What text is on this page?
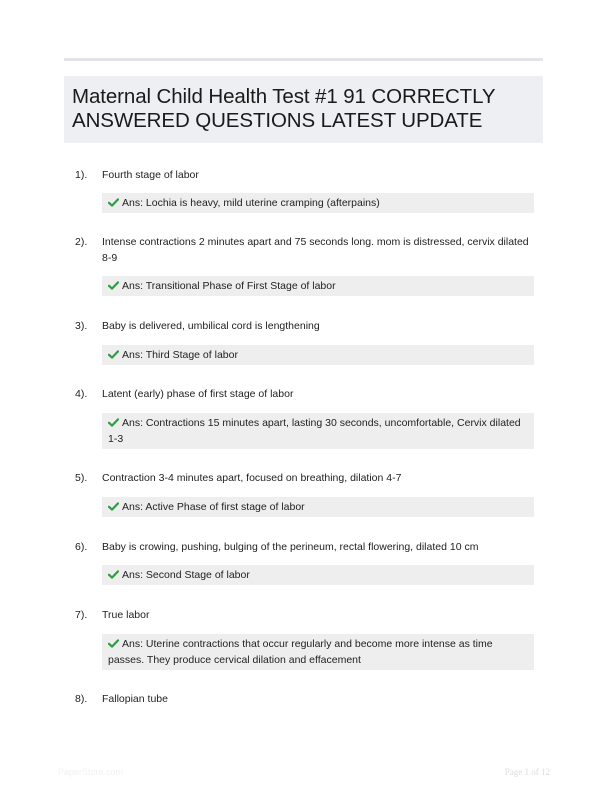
Maternal Child Health Test #1 91 CORRECTLY ANSWERED QUESTIONS LATEST UPDATE
1). Fourth stage of labor
Ans: Lochia is heavy, mild uterine cramping (afterpains)
2). Intense contractions 2 minutes apart and 75 seconds long. mom is distressed, cervix dilated 8-9
Ans: Transitional Phase of First Stage of labor
3). Baby is delivered, umbilical cord is lengthening
Ans: Third Stage of labor
4). Latent (early) phase of first stage of labor
Ans: Contractions 15 minutes apart, lasting 30 seconds, uncomfortable, Cervix dilated 1-3
5). Contraction 3-4 minutes apart, focused on breathing, dilation 4-7
Ans: Active Phase of first stage of labor
6). Baby is crowing, pushing, bulging of the perineum, rectal flowering, dilated 10 cm
Ans: Second Stage of labor
7). True labor
Ans: Uterine contractions that occur regularly and become more intense as time passes. They produce cervical dilation and effacement
8). Fallopian tube
PaperStore.com	Page 1 of 12
